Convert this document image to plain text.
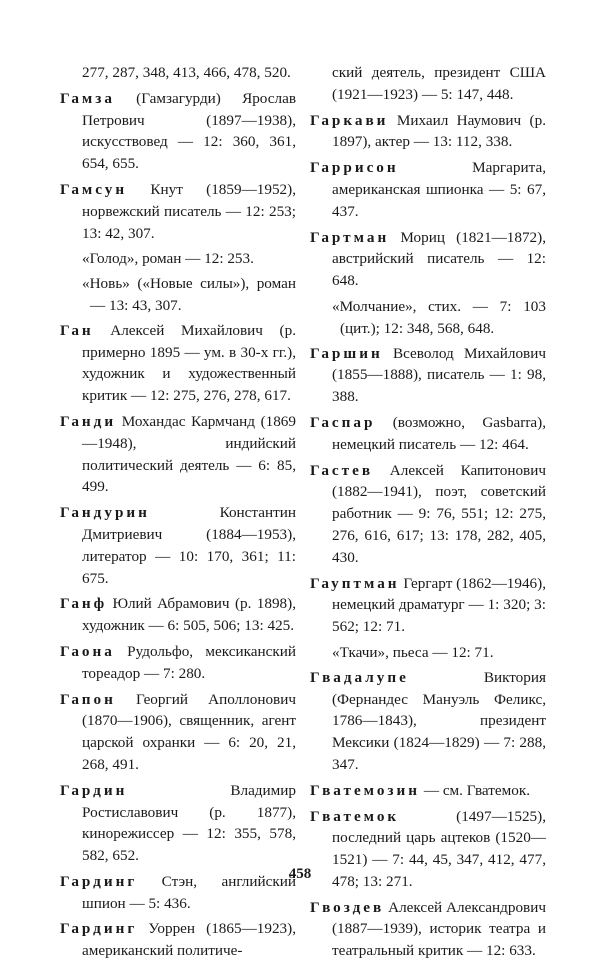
277, 287, 348, 413, 466, 478, 520.
Гамза (Гамзагурди) Ярослав Петрович (1897—1938), искусствовед — 12: 360, 361, 654, 655.
Гамсун Кнут (1859—1952), норвежский писатель — 12: 253; 13: 42, 307.
«Голод», роман — 12: 253.
«Новь» («Новые силы»), роман — 13: 43, 307.
Ган Алексей Михайлович (р. примерно 1895 — ум. в 30-х гг.), художник и художественный критик — 12: 275, 276, 278, 617.
Ганди Мохандас Кармчанд (1869—1948), индийский политический деятель — 6: 85, 499.
Гандурин Константин Дмитриевич (1884—1953), литератор — 10: 170, 361; 11: 675.
Ганф Юлий Абрамович (р. 1898), художник — 6: 505, 506; 13: 425.
Гаона Рудольфо, мексиканский тореадор — 7: 280.
Гапон Георгий Аполлонович (1870—1906), священник, агент царской охранки — 6: 20, 21, 268, 491.
Гардин Владимир Ростиславович (р. 1877), кинорежиссер — 12: 355, 578, 582, 652.
Гардинг Стэн, английский шпион — 5: 436.
Гардинг Уоррен (1865—1923), американский политиче-
ский деятель, президент США (1921—1923) — 5: 147, 448.
Гаркави Михаил Наумович (р. 1897), актер — 13: 112, 338.
Гаррисон Маргарита, американская шпионка — 5: 67, 437.
Гартман Мориц (1821—1872), австрийский писатель — 12: 648.
«Молчание», стих. — 7: 103 (цит.); 12: 348, 568, 648.
Гаршин Всеволод Михайлович (1855—1888), писатель — 1: 98, 388.
Гаспар (возможно, Gasbarra), немецкий писатель — 12: 464.
Гастев Алексей Капитонович (1882—1941), поэт, советский работник — 9: 76, 551; 12: 275, 276, 616, 617; 13: 178, 282, 405, 430.
Гауптман Гергарт (1862—1946), немецкий драматург — 1: 320; 3: 562; 12: 71.
«Ткачи», пьеса — 12: 71.
Гвадалупе Виктория (Фернандес Мануэль Феликс, 1786—1843), президент Мексики (1824—1829) — 7: 288, 347.
Гватемозин — см. Гватемок.
Гватемок (1497—1525), последний царь ацтеков (1520—1521) — 7: 44, 45, 347, 412, 477, 478; 13: 271.
Гвоздев Алексей Александрович (1887—1939), историк театра и театральный критик — 12: 633.
458
